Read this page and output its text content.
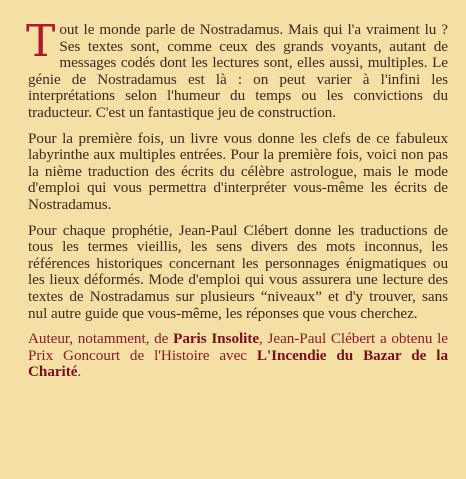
Tout le monde parle de Nostradamus. Mais qui l'a vraiment lu ? Ses textes sont, comme ceux des grands voyants, autant de messages codés dont les lectures sont, elles aussi, multiples. Le génie de Nostradamus est là : on peut varier à l'infini les interprétations selon l'humeur du temps ou les convictions du traducteur. C'est un fantastique jeu de construction.

Pour la première fois, un livre vous donne les clefs de ce fabuleux labyrinthe aux multiples entrées. Pour la première fois, voici non pas la nième traduction des écrits du célèbre astrologue, mais le mode d'emploi qui vous permettra d'interpréter vous-même les écrits de Nostradamus.

Pour chaque prophétie, Jean-Paul Clébert donne les traductions de tous les termes vieillis, les sens divers des mots inconnus, les références historiques concernant les personnages énigmatiques ou les lieux déformés. Mode d'emploi qui vous assurera une lecture des textes de Nostradamus sur plusieurs “niveaux” et d'y trouver, sans nul autre guide que vous-même, les réponses que vous cherchez.

Auteur, notamment, de Paris Insolite, Jean-Paul Clébert a obtenu le Prix Goncourt de l'Histoire avec L'Incendie du Bazar de la Charité.
